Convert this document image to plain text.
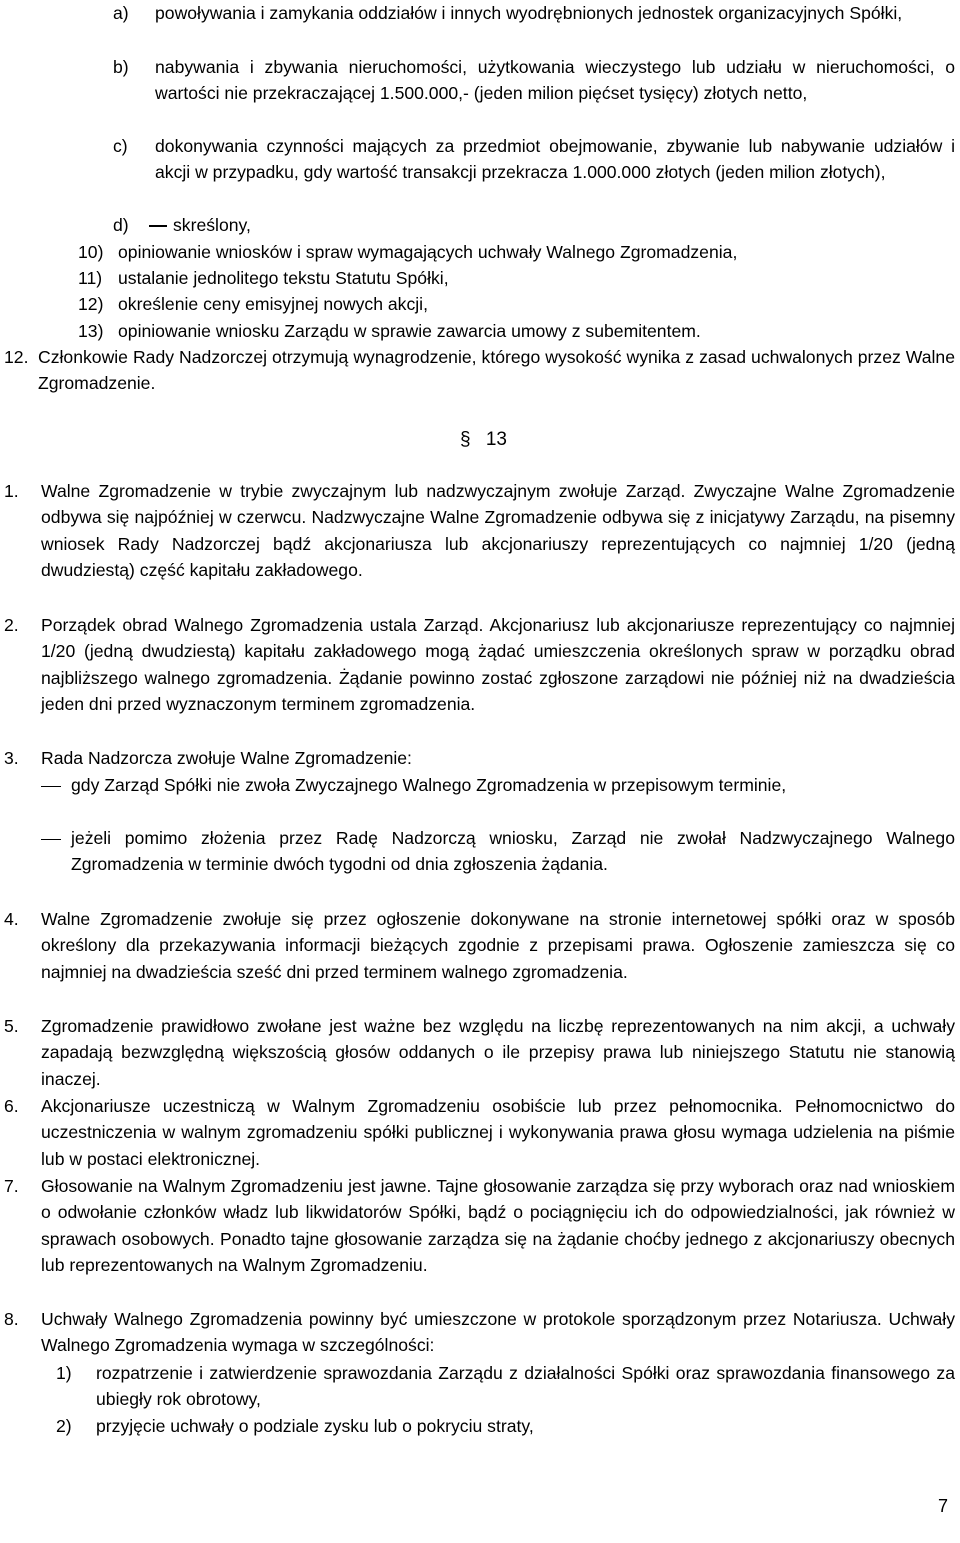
a)	powoływania i zamykania oddziałów i innych wyodrębnionych jednostek organizacyjnych Spółki,
b)	nabywania i zbywania nieruchomości, użytkowania wieczystego lub udziału w nieruchomości, o wartości nie przekraczającej 1.500.000,- (jeden milion pięćset tysięcy) złotych netto,
c)	dokonywania czynności mających za przedmiot obejmowanie, zbywanie lub nabywanie udziałów i akcji w przypadku, gdy wartość transakcji przekracza 1.000.000 złotych (jeden milion złotych),
d)	skreślony,
10) opiniowanie wniosków i spraw wymagających uchwały Walnego Zgromadzenia,
11) ustalanie jednolitego tekstu Statutu Spółki,
12) określenie ceny emisyjnej nowych akcji,
13) opiniowanie wniosku Zarządu w sprawie zawarcia umowy z subemitentem.
12. Członkowie Rady Nadzorczej otrzymują wynagrodzenie, którego wysokość wynika z zasad uchwalonych przez Walne Zgromadzenie.
§ 13
1.	Walne Zgromadzenie w trybie zwyczajnym lub nadzwyczajnym zwołuje Zarząd. Zwyczajne Walne Zgromadzenie odbywa się najpóźniej w czerwcu. Nadzwyczajne Walne Zgromadzenie odbywa się z inicjatywy Zarządu, na pisemny wniosek Rady Nadzorczej bądź akcjonariusza lub akcjonariuszy reprezentujących co najmniej 1/20 (jedną dwudziestą) część kapitału zakładowego.
2.	Porządek obrad Walnego Zgromadzenia ustala Zarząd. Akcjonariusz lub akcjonariusze reprezentujący co najmniej 1/20 (jedną dwudziestą) kapitału zakładowego mogą żądać umieszczenia określonych spraw w porządku obrad najbliższego walnego zgromadzenia. Żądanie powinno zostać zgłoszone zarządowi nie później niż na dwadzieścia jeden dni przed wyznaczonym terminem zgromadzenia.
3.	Rada Nadzorcza zwołuje Walne Zgromadzenie:
gdy Zarząd Spółki nie zwoła Zwyczajnego Walnego Zgromadzenia w przepisowym terminie,
jeżeli pomimo złożenia przez Radę Nadzorczą wniosku, Zarząd nie zwołał Nadzwyczajnego Walnego Zgromadzenia w terminie dwóch tygodni od dnia zgłoszenia żądania.
4.	Walne Zgromadzenie zwołuje się przez ogłoszenie dokonywane na stronie internetowej spółki oraz w sposób określony dla przekazywania informacji bieżących zgodnie z przepisami prawa. Ogłoszenie zamieszcza się co najmniej na dwadzieścia sześć dni przed terminem walnego zgromadzenia.
5.	Zgromadzenie prawidłowo zwołane jest ważne bez względu na liczbę reprezentowanych na nim akcji, a uchwały zapadają bezwzględną większością głosów oddanych o ile przepisy prawa lub niniejszego Statutu nie stanowią inaczej.
6.	Akcjonariusze uczestniczą w Walnym Zgromadzeniu osobiście lub przez pełnomocnika. Pełnomocnictwo do uczestniczenia w walnym zgromadzeniu spółki publicznej i wykonywania prawa głosu wymaga udzielenia na piśmie lub w postaci elektronicznej.
7.	Głosowanie na Walnym Zgromadzeniu jest jawne. Tajne głosowanie zarządza się przy wyborach oraz nad wnioskiem o odwołanie członków władz lub likwidatorów Spółki, bądź o pociągnięciu ich do odpowiedzialności, jak również w sprawach osobowych. Ponadto tajne głosowanie zarządza się na żądanie choćby jednego z akcjonariuszy obecnych lub reprezentowanych na Walnym Zgromadzeniu.
8.	Uchwały Walnego Zgromadzenia powinny być umieszczone w protokole sporządzonym przez Notariusza. Uchwały Walnego Zgromadzenia wymaga w szczególności:
1)	rozpatrzenie i zatwierdzenie sprawozdania Zarządu z działalności Spółki oraz sprawozdania finansowego za ubiegły rok obrotowy,
2)	przyjęcie uchwały o podziale zysku lub o pokryciu straty,
7
